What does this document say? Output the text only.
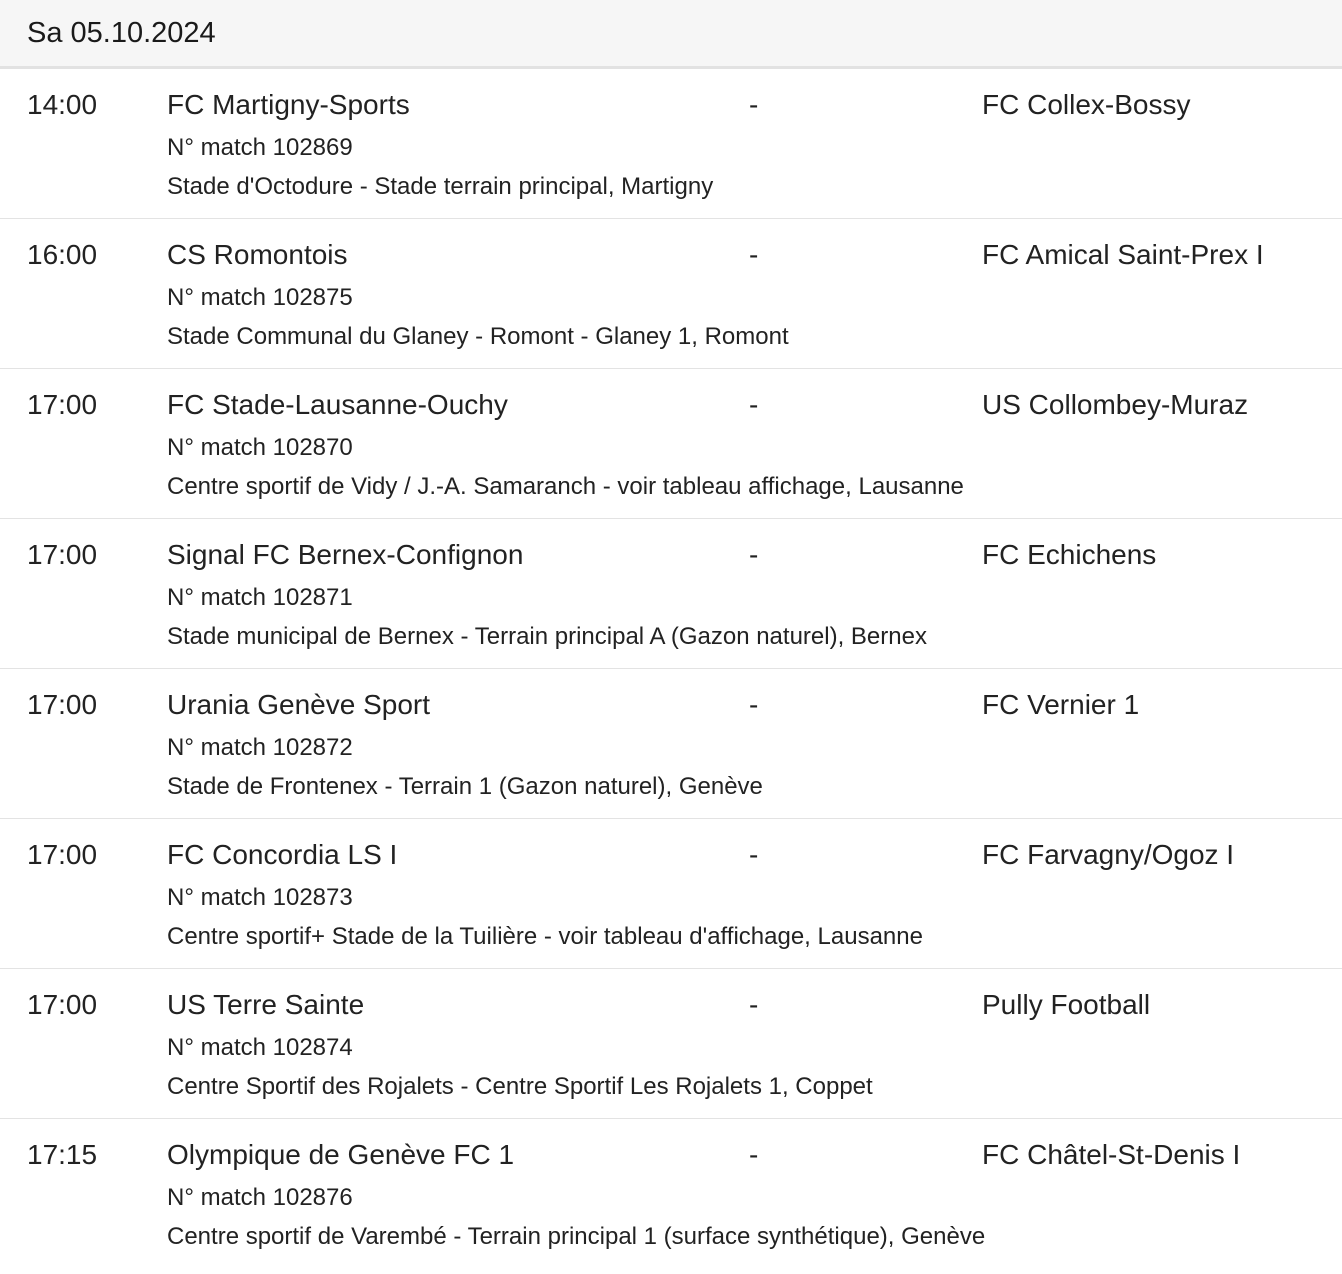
Sa 05.10.2024
14:00 FC Martigny-Sports	-	FC Collex-Bossy
N° match 102869
Stade d'Octodure - Stade terrain principal, Martigny
16:00 CS Romontois	-	FC Amical Saint-Prex I
N° match 102875
Stade Communal du Glaney - Romont - Glaney 1, Romont
17:00 FC Stade-Lausanne-Ouchy	-	US Collombey-Muraz
N° match 102870
Centre sportif de Vidy / J.-A. Samaranch - voir tableau affichage, Lausanne
17:00 Signal FC Bernex-Confignon	-	FC Echichens
N° match 102871
Stade municipal de Bernex - Terrain principal A (Gazon naturel), Bernex
17:00 Urania Genève Sport	-	FC Vernier 1
N° match 102872
Stade de Frontenex - Terrain 1 (Gazon naturel), Genève
17:00 FC Concordia LS I	-	FC Farvagny/Ogoz I
N° match 102873
Centre sportif+ Stade de la Tuilière - voir tableau d'affichage, Lausanne
17:00 US Terre Sainte	-	Pully Football
N° match 102874
Centre Sportif des Rojalets - Centre Sportif Les Rojalets 1, Coppet
17:15 Olympique de Genève FC 1	-	FC Châtel-St-Denis I
N° match 102876
Centre sportif de Varembé - Terrain principal 1 (surface synthétique), Genève
